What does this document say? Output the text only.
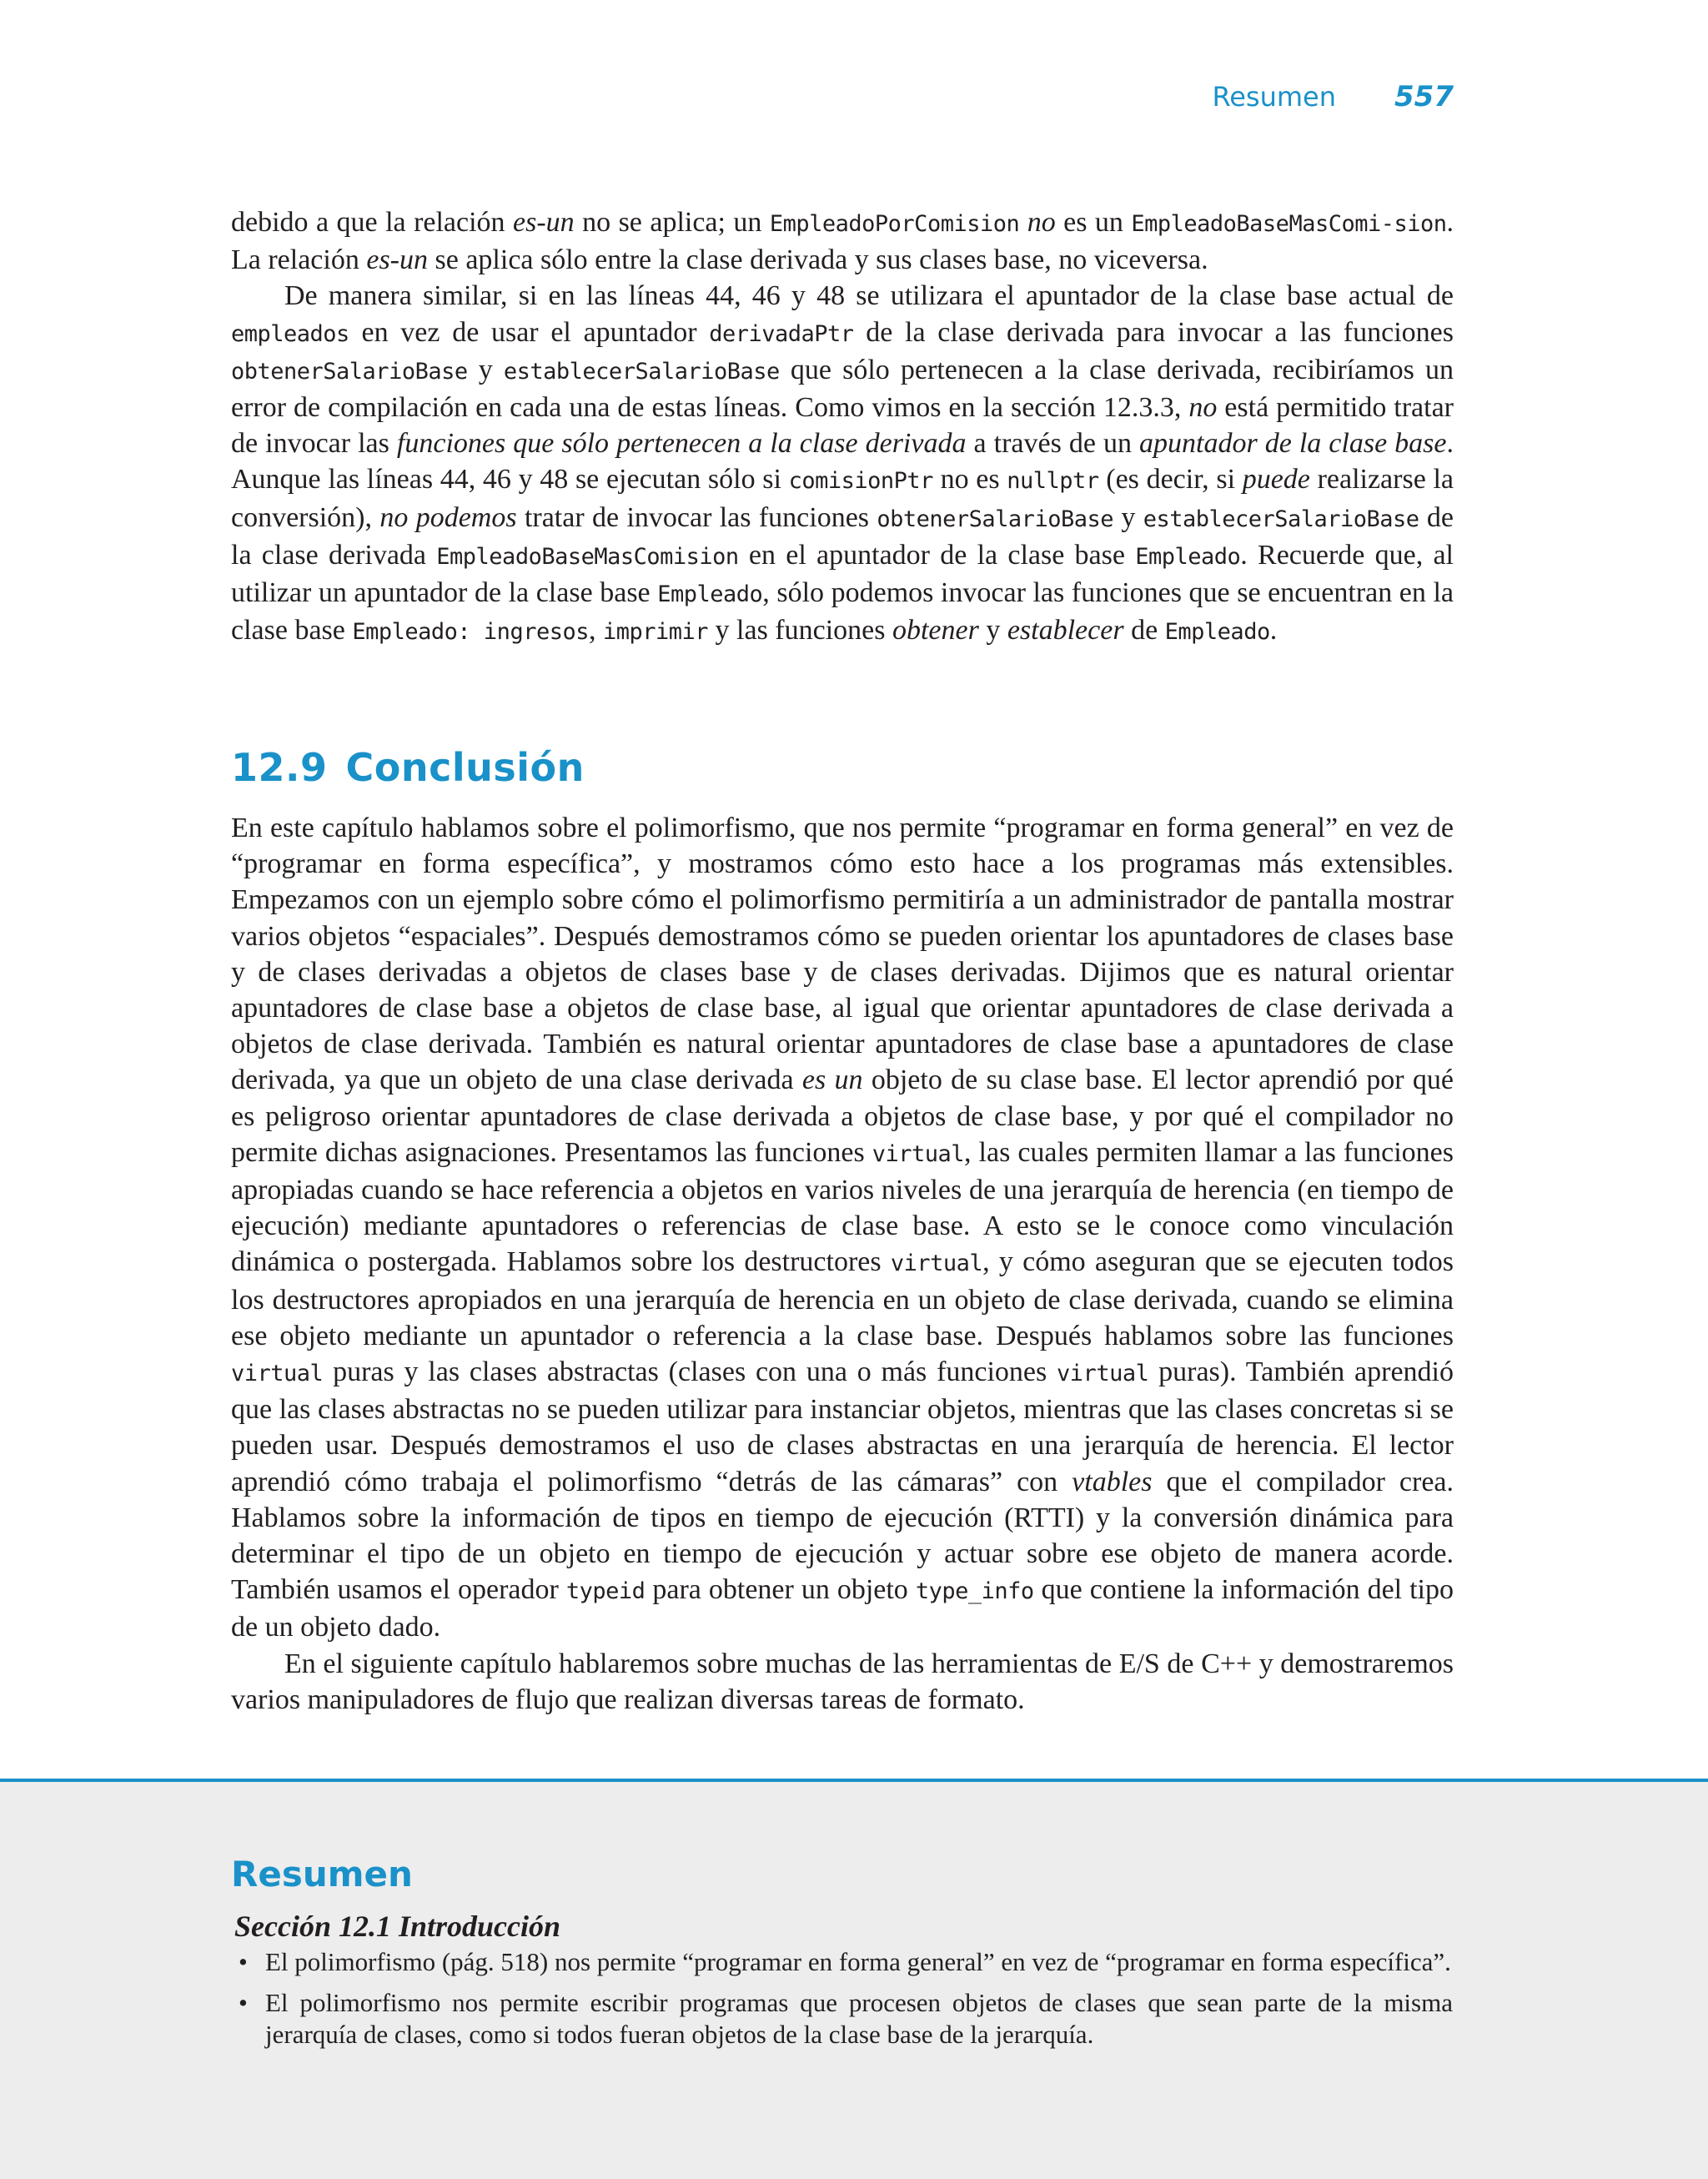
Resumen 557

debido a que la relación es-un no se aplica; un EmpleadoPorComision no es un EmpleadoBaseMasComi-sion. La relación es-un se aplica sólo entre la clase derivada y sus clases base, no viceversa.

De manera similar, si en las líneas 44, 46 y 48 se utilizara el apuntador de la clase base actual de empleados en vez de usar el apuntador derivadaPtr de la clase derivada para invocar a las funciones obtenerSalarioBase y establecerSalarioBase que sólo pertenecen a la clase derivada, recibiríamos un error de compilación en cada una de estas líneas. Como vimos en la sección 12.3.3, no está permitido tratar de invocar las funciones que sólo pertenecen a la clase derivada a través de un apuntador de la clase base. Aunque las líneas 44, 46 y 48 se ejecutan sólo si comisionPtr no es nullptr (es decir, si puede realizarse la conversión), no podemos tratar de invocar las funciones obtenerSalarioBase y establecerSalarioBase de la clase derivada EmpleadoBaseMasComision en el apuntador de la clase base Empleado. Recuerde que, al utilizar un apuntador de la clase base Empleado, sólo podemos invocar las funciones que se encuentran en la clase base Empleado: ingresos, imprimir y las funciones obtener y establecer de Empleado.

12.9 Conclusión

En este capítulo hablamos sobre el polimorfismo, que nos permite “programar en forma general” en vez de “programar en forma específica”, y mostramos cómo esto hace a los programas más extensibles. Empezamos con un ejemplo sobre cómo el polimorfismo permitiría a un administrador de pantalla mostrar varios objetos “espaciales”. Después demostramos cómo se pueden orientar los apuntadores de clases base y de clases derivadas a objetos de clases base y de clases derivadas. Dijimos que es natural orientar apuntadores de clase base a objetos de clase base, al igual que orientar apuntadores de clase derivada a objetos de clase derivada. También es natural orientar apuntadores de clase base a apuntadores de clase derivada, ya que un objeto de una clase derivada es un objeto de su clase base. El lector aprendió por qué es peligroso orientar apuntadores de clase derivada a objetos de clase base, y por qué el compilador no permite dichas asignaciones. Presentamos las funciones virtual, las cuales permiten llamar a las funciones apropiadas cuando se hace referencia a objetos en varios niveles de una jerarquía de herencia (en tiempo de ejecución) mediante apuntadores o referencias de clase base. A esto se le conoce como vinculación dinámica o postergada. Hablamos sobre los destructores virtual, y cómo aseguran que se ejecuten todos los destructores apropiados en una jerarquía de herencia en un objeto de clase derivada, cuando se elimina ese objeto mediante un apuntador o referencia a la clase base. Después hablamos sobre las funciones virtual puras y las clases abstractas (clases con una o más funciones virtual puras). También aprendió que las clases abstractas no se pueden utilizar para instanciar objetos, mientras que las clases concretas si se pueden usar. Después demostramos el uso de clases abstractas en una jerarquía de herencia. El lector aprendió cómo trabaja el polimorfismo “detrás de las cámaras” con vtables que el compilador crea. Hablamos sobre la información de tipos en tiempo de ejecución (RTTI) y la conversión dinámica para determinar el tipo de un objeto en tiempo de ejecución y actuar sobre ese objeto de manera acorde. También usamos el operador typeid para obtener un objeto type_info que contiene la información del tipo de un objeto dado.

En el siguiente capítulo hablaremos sobre muchas de las herramientas de E/S de C++ y demostraremos varios manipuladores de flujo que realizan diversas tareas de formato.

Resumen
Sección 12.1 Introducción
• El polimorfismo (pág. 518) nos permite “programar en forma general” en vez de “programar en forma específica”.
• El polimorfismo nos permite escribir programas que procesen objetos de clases que sean parte de la misma jerarquía de clases, como si todos fueran objetos de la clase base de la jerarquía.
